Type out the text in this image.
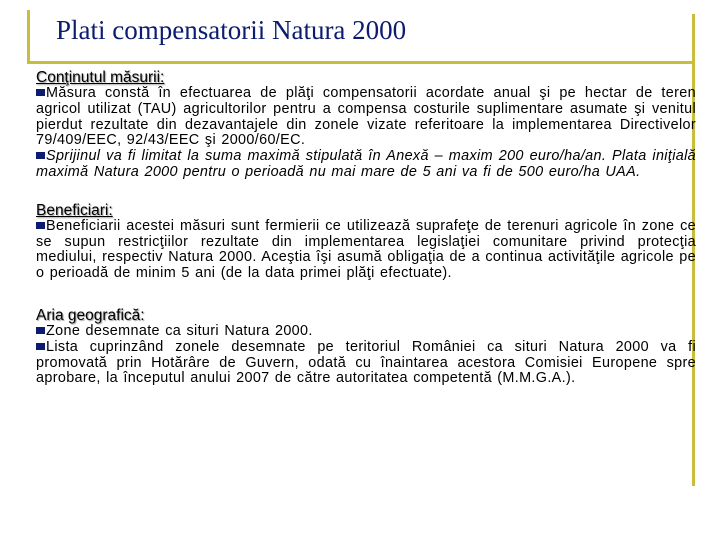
Plati compensatorii Natura 2000

Conţinutul măsurii:

Măsura constă în efectuarea de plăţi compensatorii acordate anual şi pe hectar de teren agricol utilizat (TAU) agricultorilor pentru a compensa costurile suplimentare asumate şi venitul pierdut rezultate din dezavantajele din zonele vizate referitoare la implementarea Directivelor 79/409/EEC, 92/43/EEC şi 2000/60/EC.

Sprijinul va fi limitat la suma maximă stipulată în Anexă – maxim 200 euro/ha/an. Plata iniţială maximă Natura 2000 pentru o perioadă nu mai mare de 5 ani va fi de 500 euro/ha UAA.

Beneficiari:

Beneficiarii acestei măsuri sunt fermierii ce utilizează suprafeţe de terenuri agricole în zone ce se supun restricţiilor rezultate din implementarea legislaţiei comunitare privind protecţia mediului, respectiv Natura 2000. Aceştia îşi asumă obligaţia de a continua activităţile agricole pe o perioadă de minim 5 ani (de la data primei plăţi efectuate).

Aria geografică:

Zone desemnate ca situri Natura 2000.

Lista cuprinzând zonele desemnate pe teritoriul României ca situri Natura 2000 va fi promovată prin Hotărâre de Guvern, odată cu înaintarea acestora Comisiei Europene spre aprobare, la începutul anului 2007 de către autoritatea competentă (M.M.G.A.).
